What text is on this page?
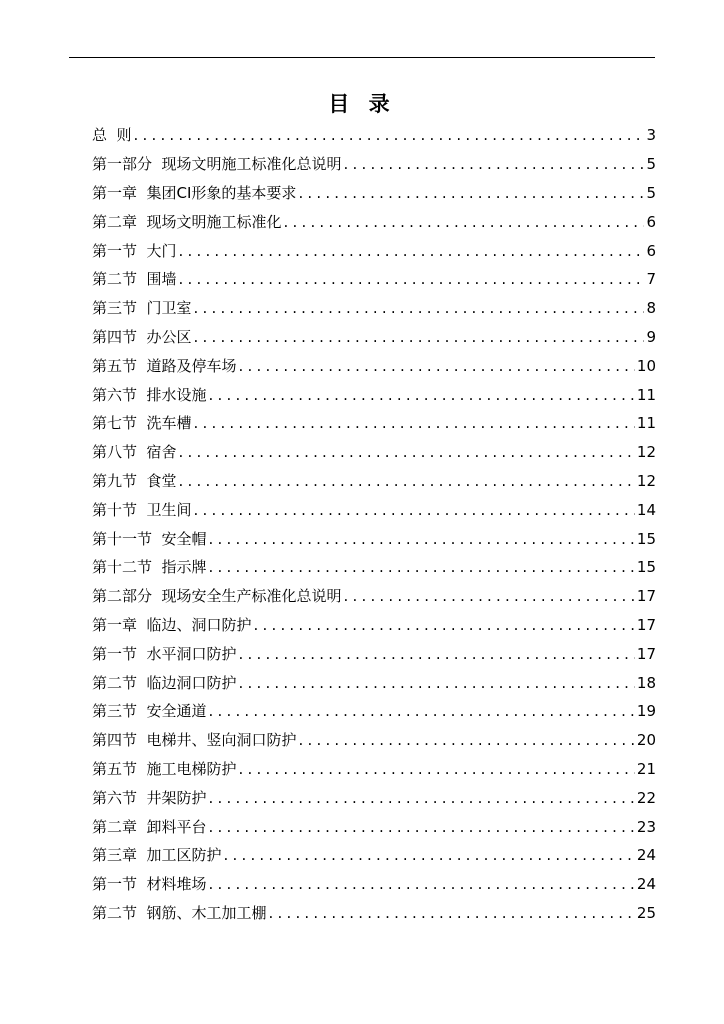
目 录
总  则 .....	3
第一部分  现场文明施工标准化总说明 .....	5
第一章  集团CI形象的基本要求 .....	5
第二章  现场文明施工标准化 .....	6
第一节  大门 .....	6
第二节  围墙 .....	7
第三节  门卫室 .....	8
第四节  办公区 .....	9
第五节  道路及停车场 .....	10
第六节  排水设施 .....	11
第七节  洗车槽 .....	11
第八节  宿舍 .....	12
第九节  食堂 .....	12
第十节  卫生间 .....	14
第十一节  安全帽 .....	15
第十二节  指示牌 .....	15
第二部分  现场安全生产标准化总说明 .....	17
第一章  临边、洞口防护 .....	17
第一节  水平洞口防护 .....	17
第二节  临边洞口防护 .....	18
第三节  安全通道 .....	19
第四节  电梯井、竖向洞口防护 .....	20
第五节  施工电梯防护 .....	21
第六节  井架防护 .....	22
第二章  卸料平台 .....	23
第三章  加工区防护 .....	24
第一节  材料堆场 .....	24
第二节  钢筋、木工加工棚 .....	25
